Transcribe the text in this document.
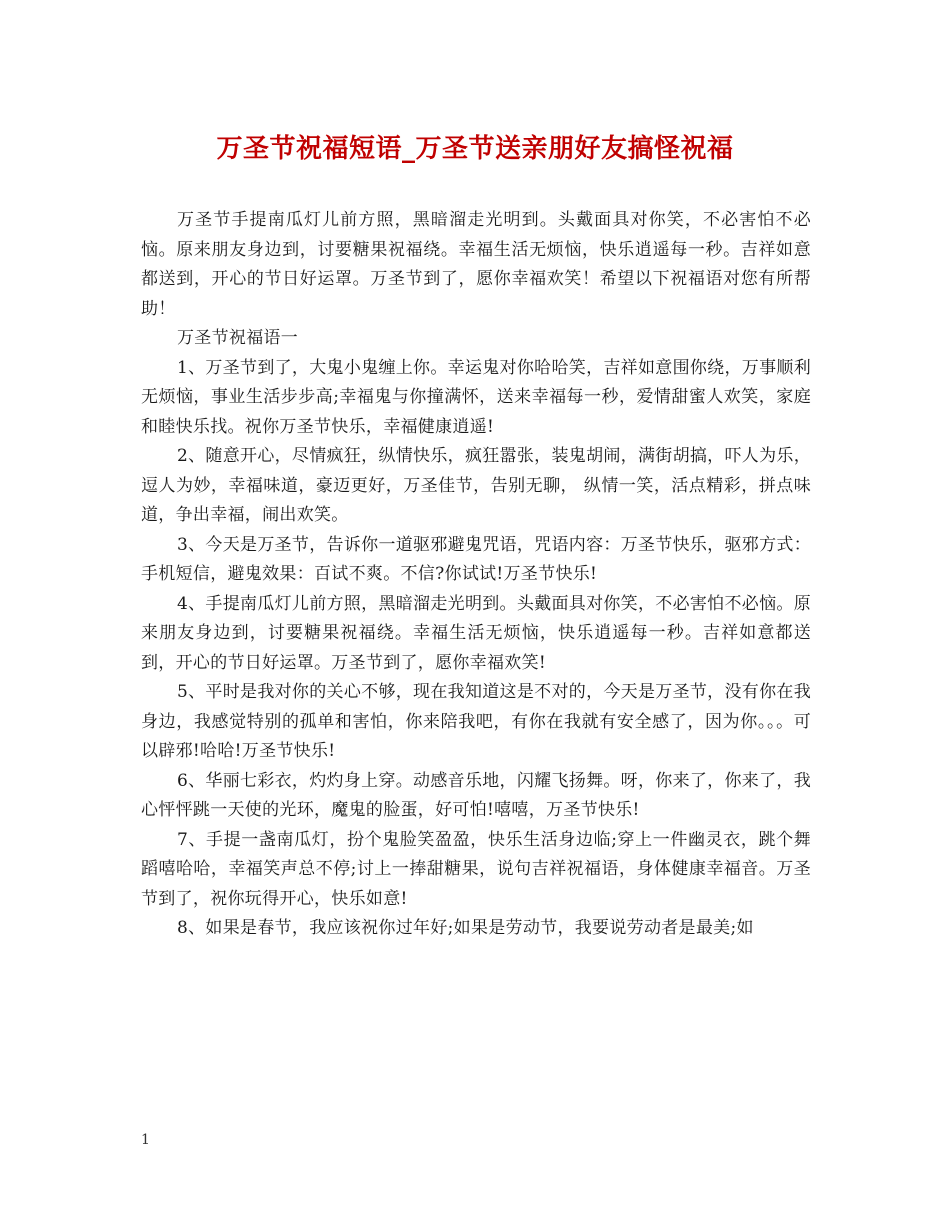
万圣节祝福短语_万圣节送亲朋好友搞怪祝福

万圣节手提南瓜灯儿前方照，黑暗溜走光明到。头戴面具对你笑，不必害怕不必恼。原来朋友身边到，讨要糖果祝福绕。幸福生活无烦恼，快乐逍遥每一秒。吉祥如意都送到，开心的节日好运罩。万圣节到了，愿你幸福欢笑！希望以下祝福语对您有所帮助！

万圣节祝福语一

1、万圣节到了，大鬼小鬼缠上你。幸运鬼对你哈哈笑，吉祥如意围你绕，万事顺利无烦恼，事业生活步步高;幸福鬼与你撞满怀，送来幸福每一秒，爱情甜蜜人欢笑，家庭和睦快乐找。祝你万圣节快乐，幸福健康逍遥!

2、随意开心，尽情疯狂，纵情快乐，疯狂嚣张，装鬼胡闹，满街胡搞，吓人为乐，逗人为妙，幸福味道，豪迈更好，万圣佳节，告别无聊， 纵情一笑，活点精彩，拼点味道，争出幸福，闹出欢笑。

3、今天是万圣节，告诉你一道驱邪避鬼咒语，咒语内容：万圣节快乐，驱邪方式：手机短信，避鬼效果：百试不爽。不信?你试试!万圣节快乐!

4、手提南瓜灯儿前方照，黑暗溜走光明到。头戴面具对你笑，不必害怕不必恼。原来朋友身边到，讨要糖果祝福绕。幸福生活无烦恼，快乐逍遥每一秒。吉祥如意都送到，开心的节日好运罩。万圣节到了，愿你幸福欢笑!

5、平时是我对你的关心不够，现在我知道这是不对的，今天是万圣节，没有你在我身边，我感觉特别的孤单和害怕，你来陪我吧，有你在我就有安全感了，因为你。。。可以辟邪!哈哈!万圣节快乐!

6、华丽七彩衣，灼灼身上穿。动感音乐地，闪耀飞扬舞。呀，你来了，你来了，我心怦怦跳一天使的光环，魔鬼的脸蛋，好可怕!嘻嘻，万圣节快乐!

7、手提一盏南瓜灯，扮个鬼脸笑盈盈，快乐生活身边临;穿上一件幽灵衣，跳个舞蹈嘻哈哈，幸福笑声总不停;讨上一捧甜糖果，说句吉祥祝福语，身体健康幸福音。万圣节到了，祝你玩得开心，快乐如意!

8、如果是春节，我应该祝你过年好;如果是劳动节，我要说劳动者是最美;如

1
